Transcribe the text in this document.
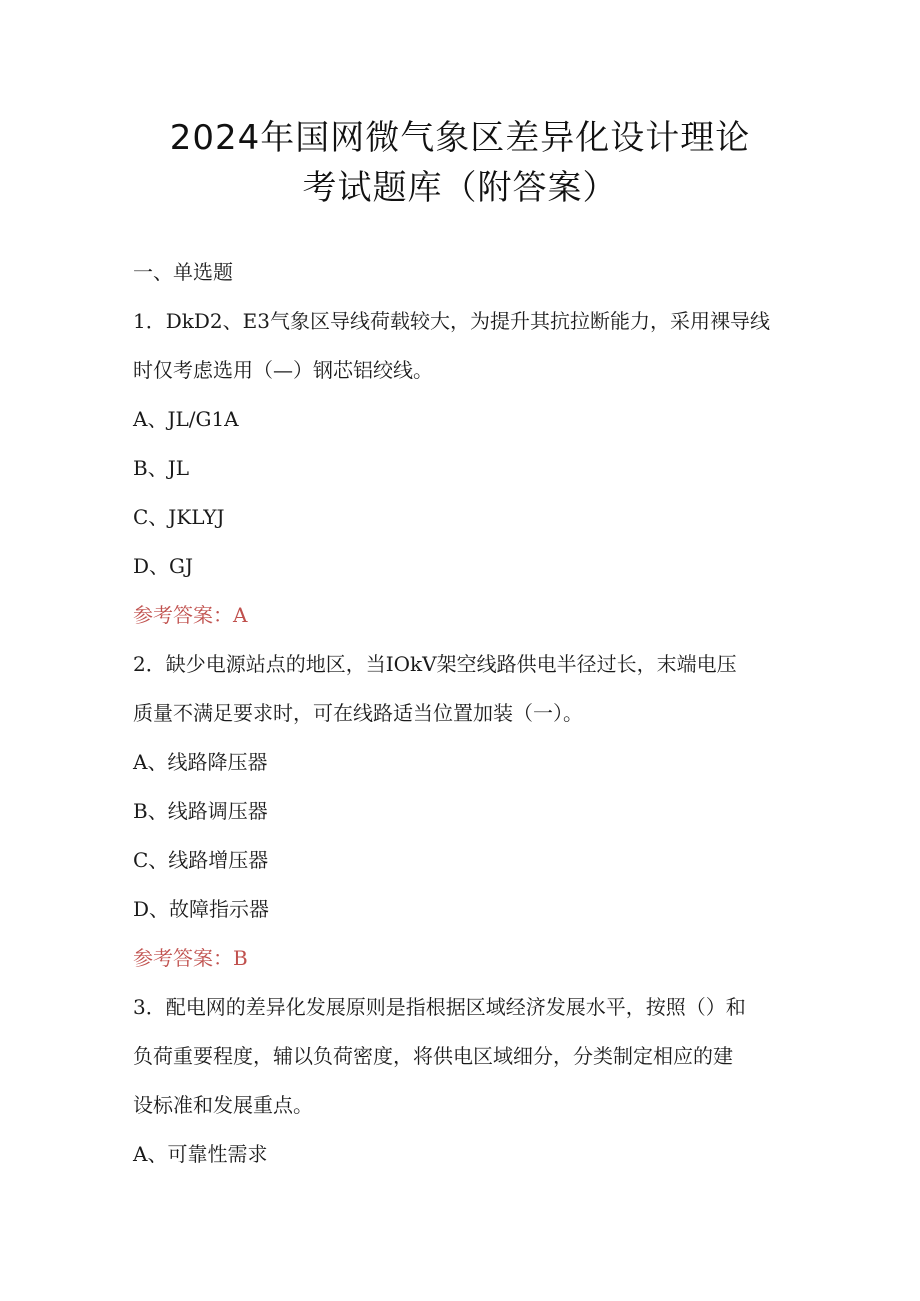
2024年国网微气象区差异化设计理论
考试题库（附答案）
一、单选题
1．DkD2、E3气象区导线荷载较大，为提升其抗拉断能力，采用裸导线
时仅考虑选用（—）钢芯铝绞线。
A、JL/G1A
B、JL
C、JKLYJ
D、GJ
参考答案：A
2．缺少电源站点的地区，当IOkV架空线路供电半径过长，末端电压
质量不满足要求时，可在线路适当位置加装（一）。
A、线路降压器
B、线路调压器
C、线路增压器
D、故障指示器
参考答案：B
3．配电网的差异化发展原则是指根据区域经济发展水平，按照（）和
负荷重要程度，辅以负荷密度，将供电区域细分，分类制定相应的建
设标准和发展重点。
A、可靠性需求
